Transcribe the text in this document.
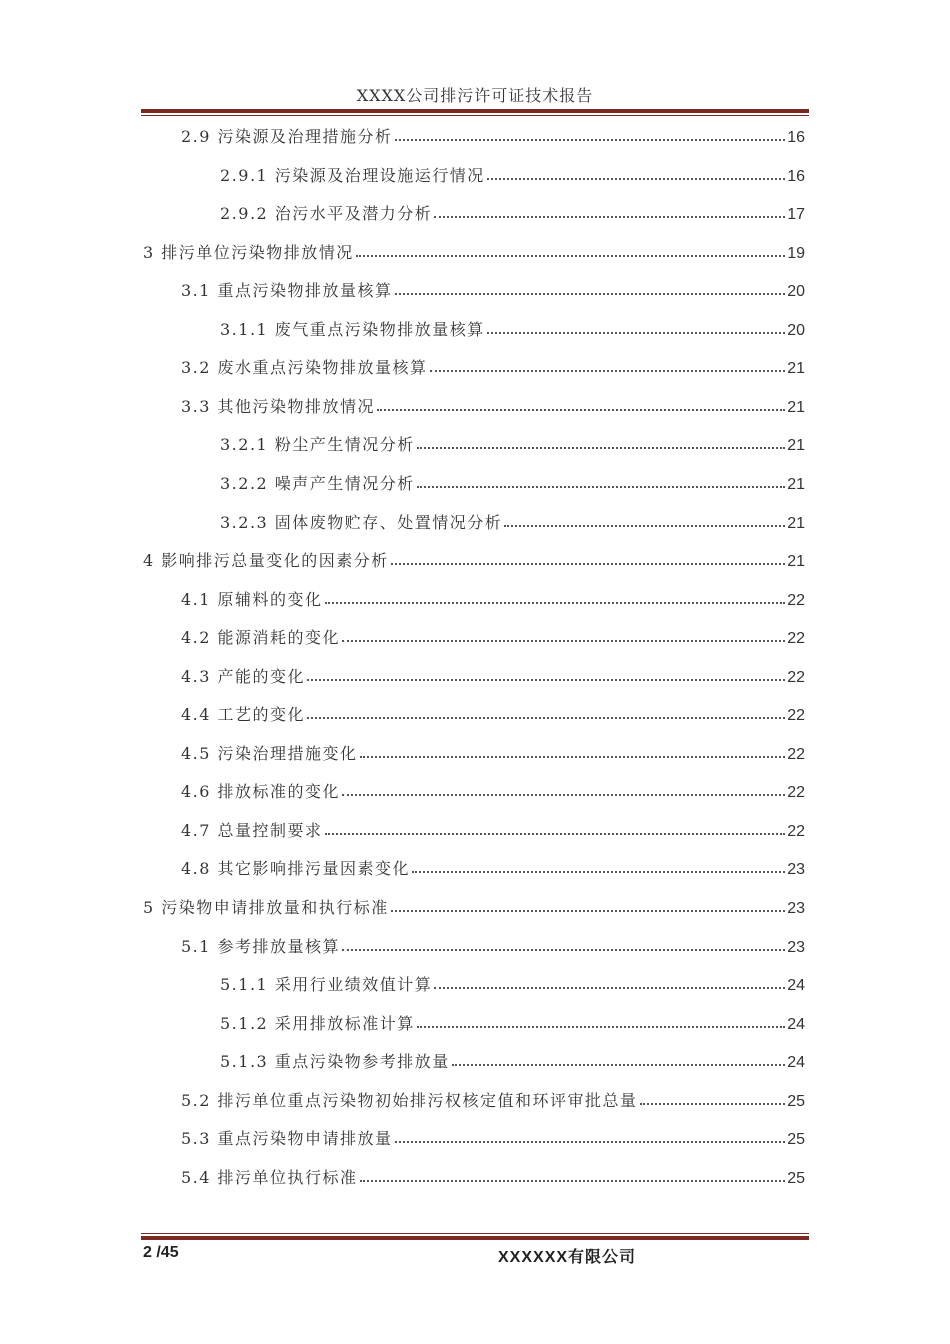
XXXX公司排污许可证技术报告
2.9 污染源及治理措施分析	16
2.9.1 污染源及治理设施运行情况	16
2.9.2 治污水平及潜力分析	17
3 排污单位污染物排放情况	19
3.1 重点污染物排放量核算	20
3.1.1 废气重点污染物排放量核算	20
3.2 废水重点污染物排放量核算	21
3.3 其他污染物排放情况	21
3.2.1 粉尘产生情况分析	21
3.2.2 噪声产生情况分析	21
3.2.3 固体废物贮存、处置情况分析	21
4 影响排污总量变化的因素分析	21
4.1 原辅料的变化	22
4.2 能源消耗的变化	22
4.3 产能的变化	22
4.4 工艺的变化	22
4.5 污染治理措施变化	22
4.6 排放标准的变化	22
4.7 总量控制要求	22
4.8 其它影响排污量因素变化	23
5 污染物申请排放量和执行标准	23
5.1 参考排放量核算	23
5.1.1 采用行业绩效值计算	24
5.1.2 采用排放标准计算	24
5.1.3 重点污染物参考排放量	24
5.2 排污单位重点污染物初始排污权核定值和环评审批总量	25
5.3 重点污染物申请排放量	25
5.4 排污单位执行标准	25
2 /45	XXXXXX有限公司
